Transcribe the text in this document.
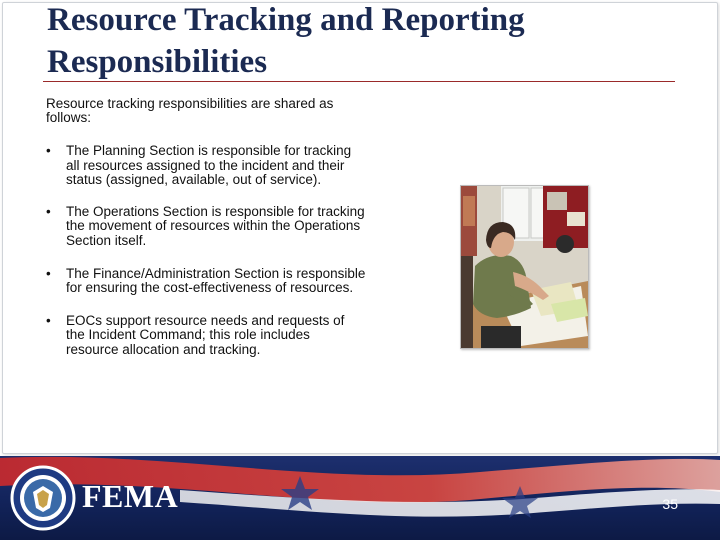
Resource Tracking and Reporting Responsibilities
Resource tracking responsibilities are shared as follows:
• The Planning Section is responsible for tracking all resources assigned to the incident and their status (assigned, available, out of service).
• The Operations Section is responsible for tracking the movement of resources within the Operations Section itself.
• The Finance/Administration Section is responsible for ensuring the cost-effectiveness of resources.
• EOCs support resource needs and requests of the Incident Command; this role includes resource allocation and tracking.
FEMA	35
